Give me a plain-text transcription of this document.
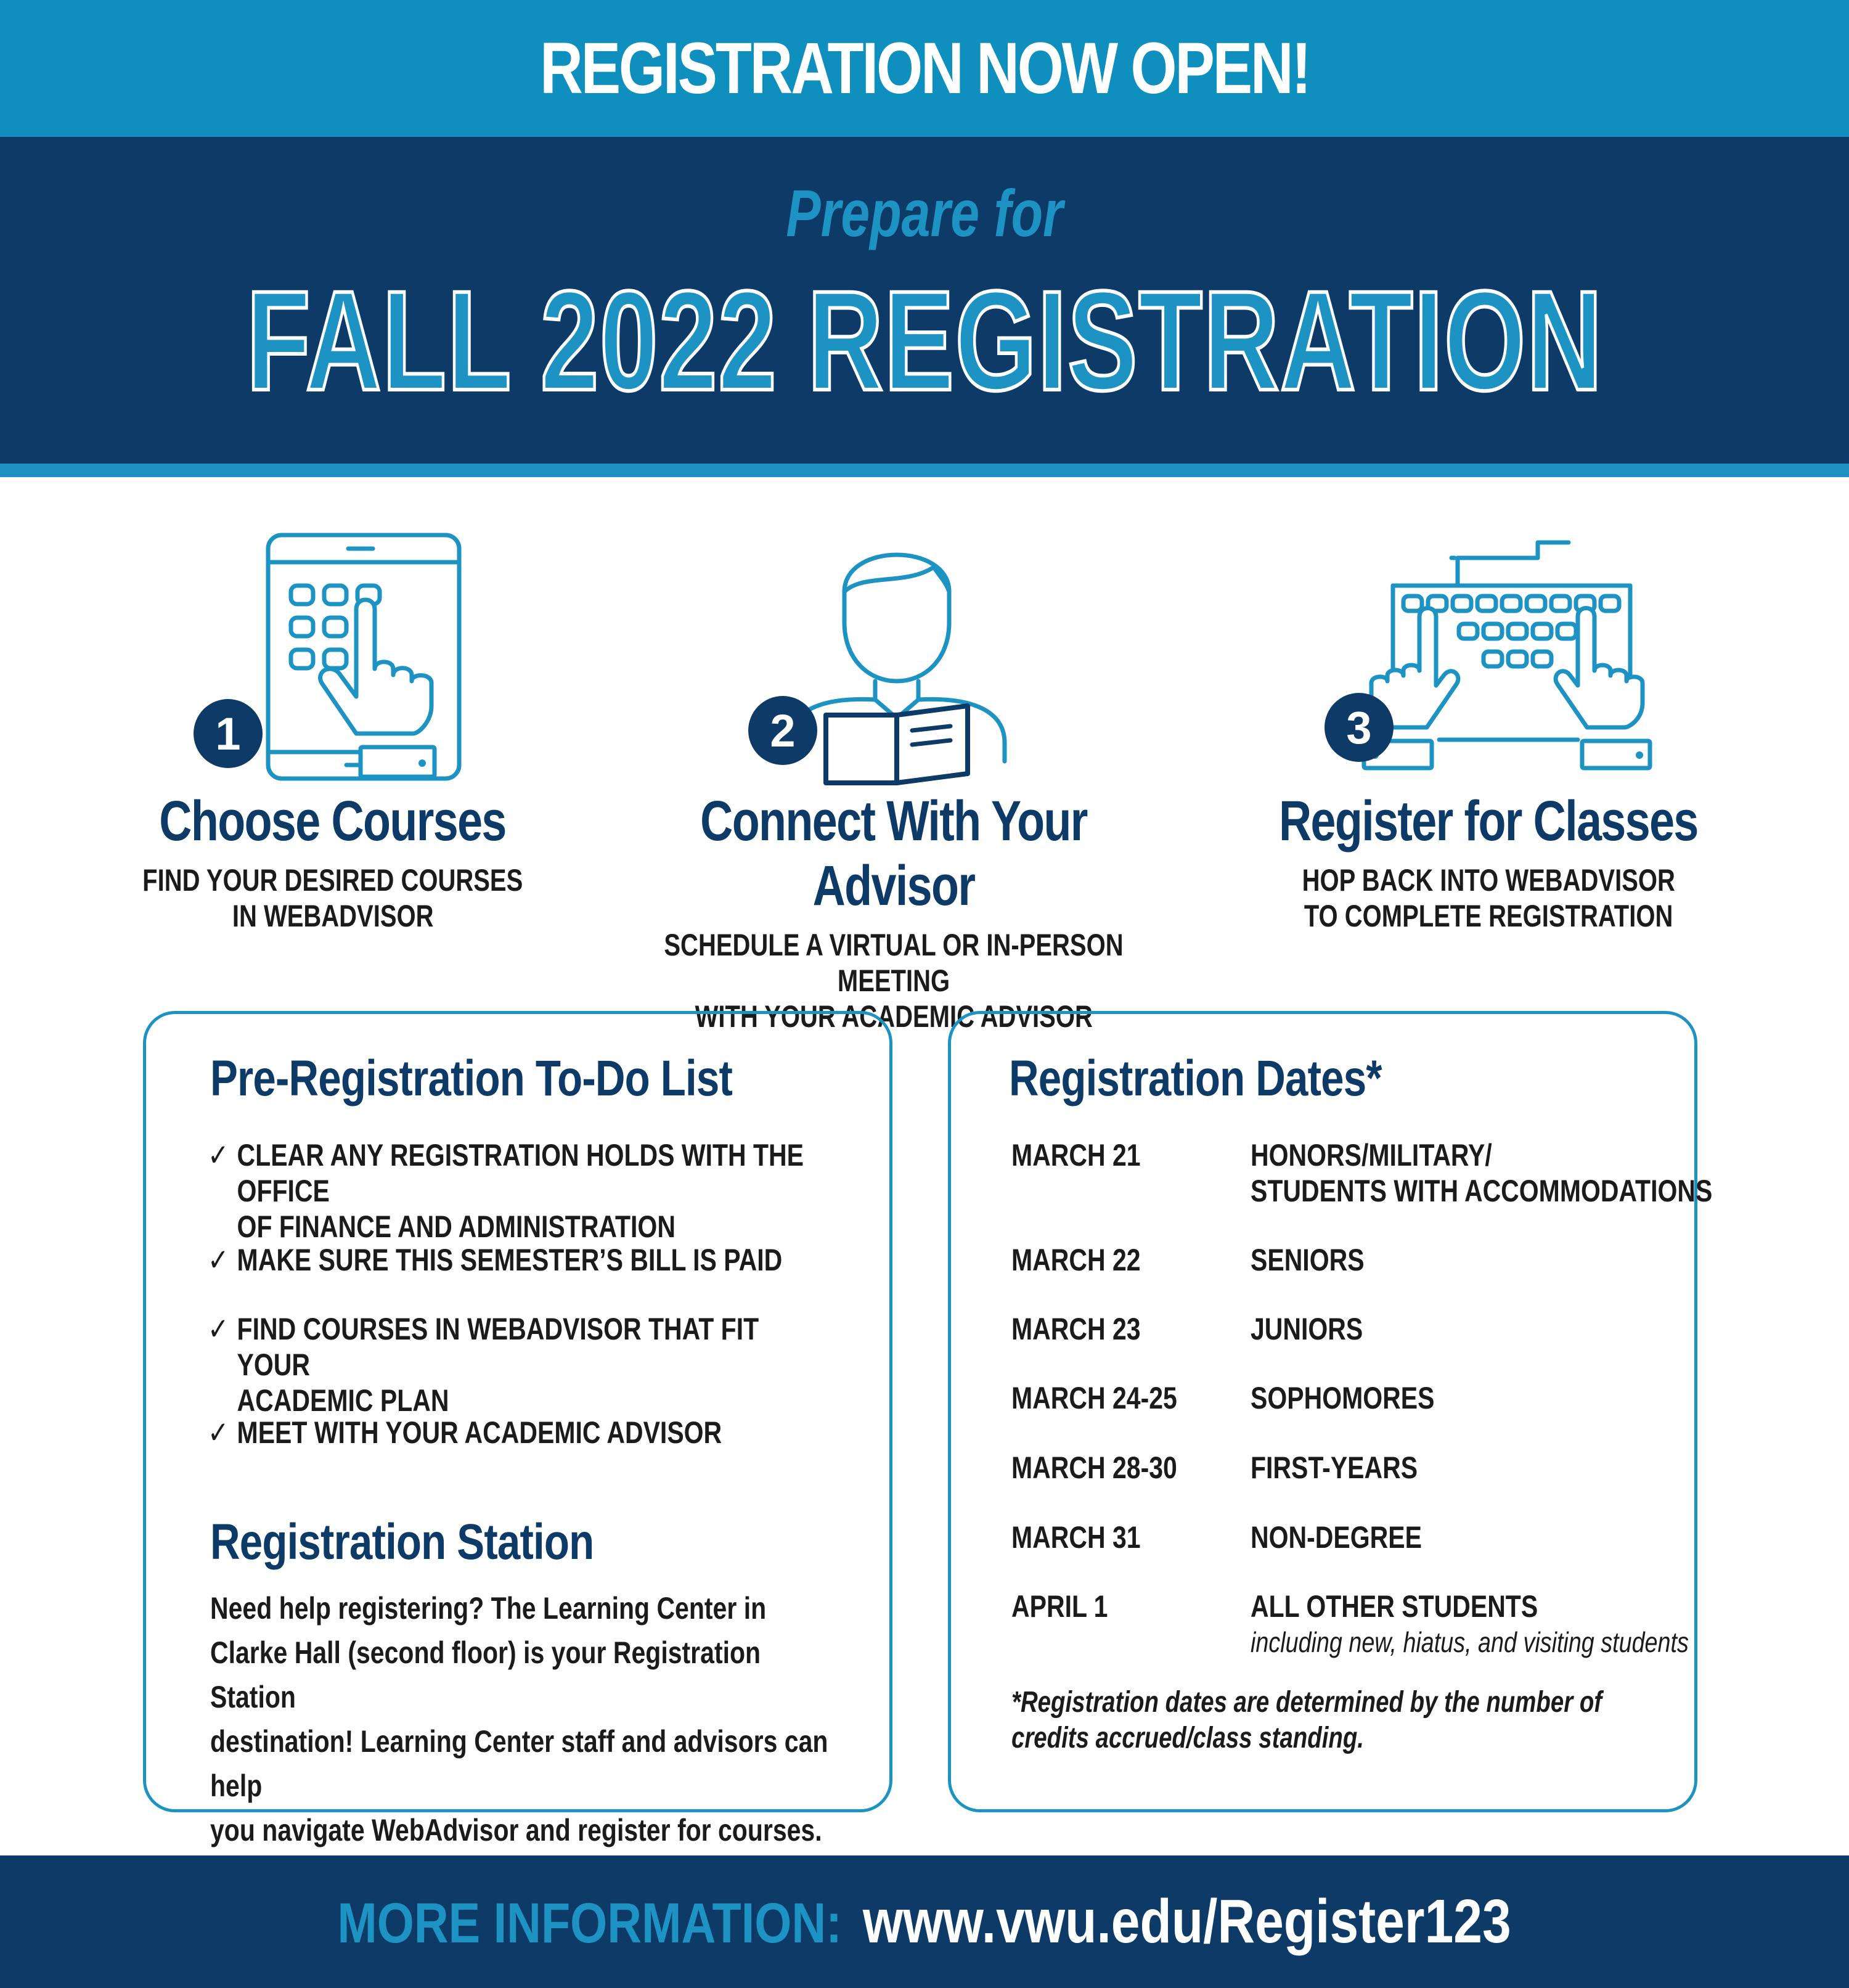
REGISTRATION NOW OPEN!
Prepare for
FALL 2022 REGISTRATION
1
Choose Courses
FIND YOUR DESIRED COURSES
IN WEBADVISOR
2
Connect With Your Advisor
SCHEDULE A VIRTUAL OR IN-PERSON MEETING
WITH YOUR ACADEMIC ADVISOR
3
Register for Classes
HOP BACK INTO WEBADVISOR
TO COMPLETE REGISTRATION
Pre-Registration To-Do List
✓ CLEAR ANY REGISTRATION HOLDS WITH THE OFFICE
OF FINANCE AND ADMINISTRATION
✓ MAKE SURE THIS SEMESTER’S BILL IS PAID
✓ FIND COURSES IN WEBADVISOR THAT FIT YOUR
ACADEMIC PLAN
✓ MEET WITH YOUR ACADEMIC ADVISOR
Registration Station
Need help registering? The Learning Center in
Clarke Hall (second floor) is your Registration Station
destination! Learning Center staff and advisors can help
you navigate WebAdvisor and register for courses.
Registration Dates*
MARCH 21	HONORS/MILITARY/
STUDENTS WITH ACCOMMODATIONS
MARCH 22	SENIORS
MARCH 23	JUNIORS
MARCH 24-25 SOPHOMORES
MARCH 28-30 FIRST-YEARS
MARCH 31	NON-DEGREE
APRIL 1	ALL OTHER STUDENTS
including new, hiatus, and visiting students
*Registration dates are determined by the number of
credits accrued/class standing.
MORE INFORMATION: www.vwu.edu/Register123
